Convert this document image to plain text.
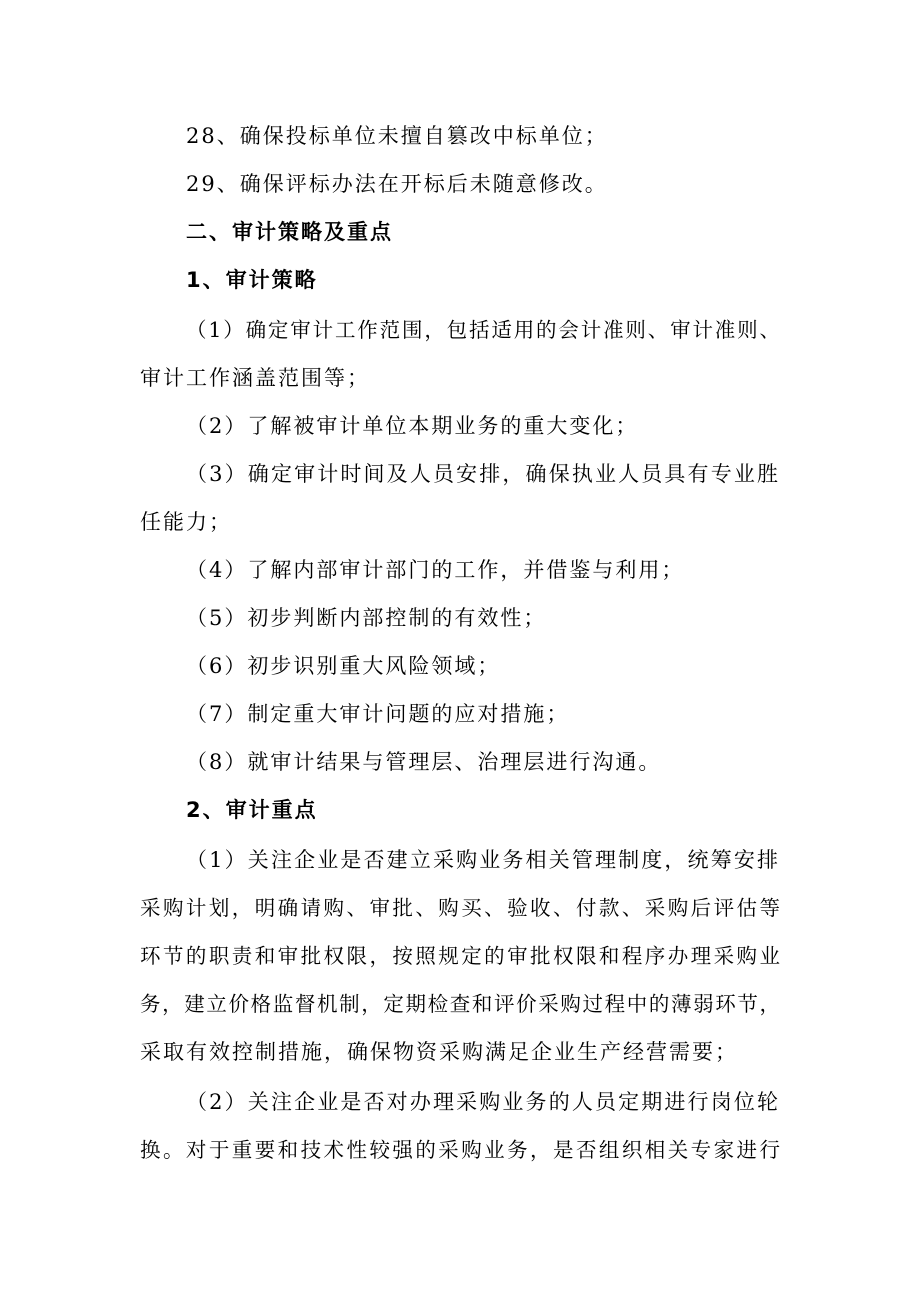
28、确保投标单位未擅自篡改中标单位；
29、确保评标办法在开标后未随意修改。
二、审计策略及重点
1、审计策略
（1）确定审计工作范围，包括适用的会计准则、审计准则、
审计工作涵盖范围等；
（2）了解被审计单位本期业务的重大变化；
（3）确定审计时间及人员安排，确保执业人员具有专业胜
任能力；
（4）了解内部审计部门的工作，并借鉴与利用；
（5）初步判断内部控制的有效性；
（6）初步识别重大风险领域；
（7）制定重大审计问题的应对措施；
（8）就审计结果与管理层、治理层进行沟通。
2、审计重点
（1）关注企业是否建立采购业务相关管理制度，统筹安排
采购计划，明确请购、审批、购买、验收、付款、采购后评估等
环节的职责和审批权限，按照规定的审批权限和程序办理采购业
务，建立价格监督机制，定期检查和评价采购过程中的薄弱环节，
采取有效控制措施，确保物资采购满足企业生产经营需要；
（2）关注企业是否对办理采购业务的人员定期进行岗位轮
换。对于重要和技术性较强的采购业务，是否组织相关专家进行
